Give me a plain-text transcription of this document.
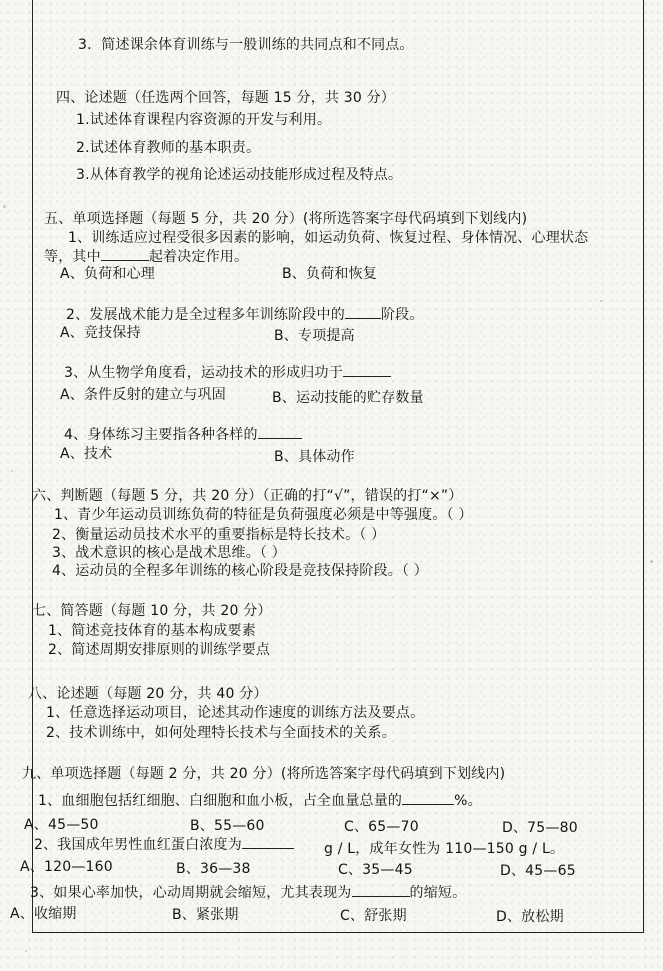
3．简述课余体育训练与一般训练的共同点和不同点。
四、论述题（任选两个回答，每题 15 分，共 30 分）
1.试述体育课程内容资源的开发与利用。
2.试述体育教师的基本职责。
3.从体育教学的视角论述运动技能形成过程及特点。
五、单项选择题（每题 5 分，共 20 分）(将所选答案字母代码填到下划线内)
1、训练适应过程受很多因素的影响，如运动负荷、恢复过程、身体情况、心理状态
等，其中	起着决定作用。
A、负荷和心理	B、负荷和恢复
2、发展战术能力是全过程多年训练阶段中的	阶段。
A、竞技保持	B、专项提高
3、从生物学角度看，运动技术的形成归功于
A、条件反射的建立与巩固	B、运动技能的贮存数量
4、身体练习主要指各种各样的
A、技术	B、具体动作
六、判断题（每题 5 分，共 20 分）（正确的打“√”，错误的打“×”）
1、青少年运动员训练负荷的特征是负荷强度必须是中等强度。（ ）
2、衡量运动员技术水平的重要指标是特长技术。（ ）
3、战术意识的核心是战术思维。（ ）
4、运动员的全程多年训练的核心阶段是竞技保持阶段。（ ）
七、简答题（每题 10 分，共 20 分）
1、简述竞技体育的基本构成要素
2、简述周期安排原则的训练学要点
八、论述题（每题 20 分，共 40 分）
1、任意选择运动项目，论述其动作速度的训练方法及要点。
2、技术训练中，如何处理特长技术与全面技术的关系。
九、单项选择题（每题 2 分，共 20 分）(将所选答案字母代码填到下划线内)
1、血细胞包括红细胞、白细胞和血小板，占全血量总量的	%。
A、45—50	B、55—60	C、65—70	D、75—80
2、我国成年男性血红蛋白浓度为	g / L，成年女性为 110—150 g / L。
A、120—160	B、36—38	C、35—45	D、45—65
3、如果心率加快，心动周期就会缩短，尤其表现为	的缩短。
A、收缩期	B、紧张期	C、舒张期	D、放松期
